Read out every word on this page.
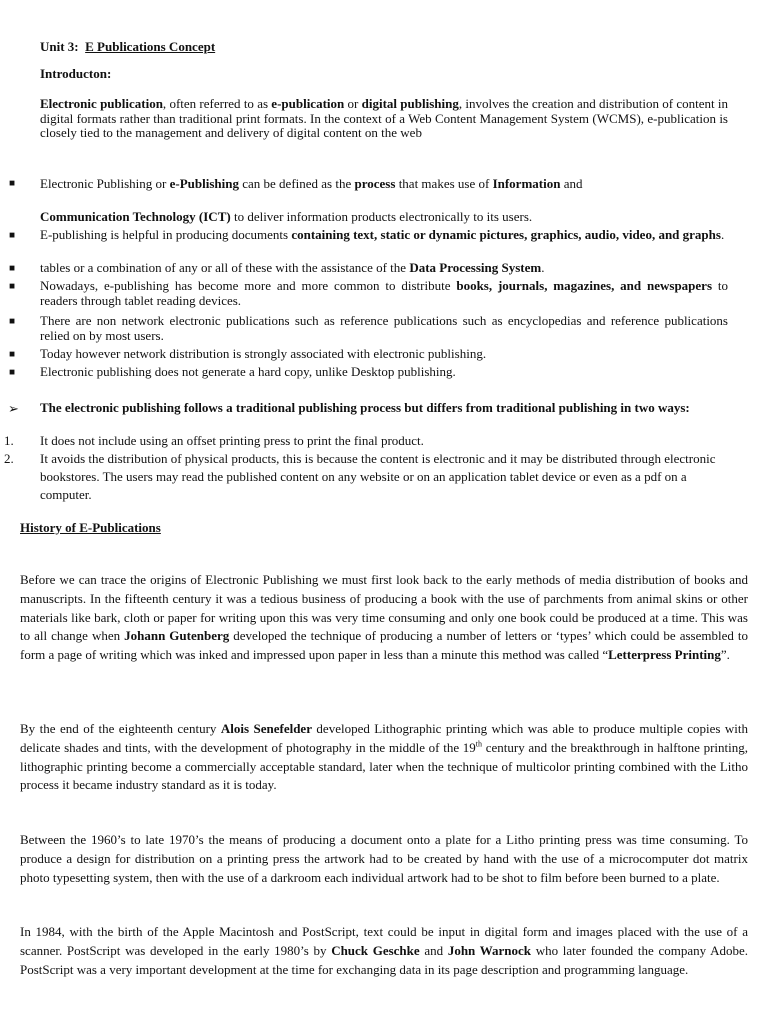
Unit 3: E Publications Concept
Introducton:

Electronic publication, often referred to as e-publication or digital publishing, involves the creation and distribution of content in digital formats rather than traditional print formats. In the context of a Web Content Management System (WCMS), e-publication is closely tied to the management and delivery of digital content on the web

■ Electronic Publishing or e-Publishing can be defined as the process that makes use of Information and
Communication Technology (ICT) to deliver information products electronically to its users.
■ E-publishing is helpful in producing documents containing text, static or dynamic pictures, graphics, audio, video, and graphs.
■ tables or a combination of any or all of these with the assistance of the Data Processing System.
■ Nowadays, e-publishing has become more and more common to distribute books, journals, magazines, and newspapers to readers through tablet reading devices.
■ There are non network electronic publications such as reference publications such as encyclopedias and reference publications relied on by most users.
■ Today however network distribution is strongly associated with electronic publishing.
■ Electronic publishing does not generate a hard copy, unlike Desktop publishing.
➢ The electronic publishing follows a traditional publishing process but differs from traditional publishing in two ways:
1. It does not include using an offset printing press to print the final product.
2. It avoids the distribution of physical products, this is because the content is electronic and it may be distributed through electronic bookstores. The users may read the published content on any website or on an application tablet device or even as a pdf on a computer.
History of E-Publications

Before we can trace the origins of Electronic Publishing we must first look back to the early methods of media distribution of books and manuscripts. In the fifteenth century it was a tedious business of producing a book with the use of parchments from animal skins or other materials like bark, cloth or paper for writing upon this was very time consuming and only one book could be produced at a time. This was to all change when Johann Gutenberg developed the technique of producing a number of letters or ‘types’ which could be assembled to form a page of writing which was inked and impressed upon paper in less than a minute this method was called “Letterpress Printing”.

By the end of the eighteenth century Alois Senefelder developed Lithographic printing which was able to produce multiple copies with delicate shades and tints, with the development of photography in the middle of the 19th century and the breakthrough in halftone printing, lithographic printing become a commercially acceptable standard, later when the technique of multicolor printing combined with the Litho process it became industry standard as it is today.

Between the 1960’s to late 1970’s the means of producing a document onto a plate for a Litho printing press was time consuming. To produce a design for distribution on a printing press the artwork had to be created by hand with the use of a microcomputer dot matrix photo typesetting system, then with the use of a darkroom each individual artwork had to be shot to film before been burned to a plate.

In 1984, with the birth of the Apple Macintosh and PostScript, text could be input in digital form and images placed with the use of a scanner. PostScript was developed in the early 1980’s by Chuck Geschke and John Warnock who later founded the company Adobe. PostScript was a very important development at the time for exchanging data in its page description and programming language.
